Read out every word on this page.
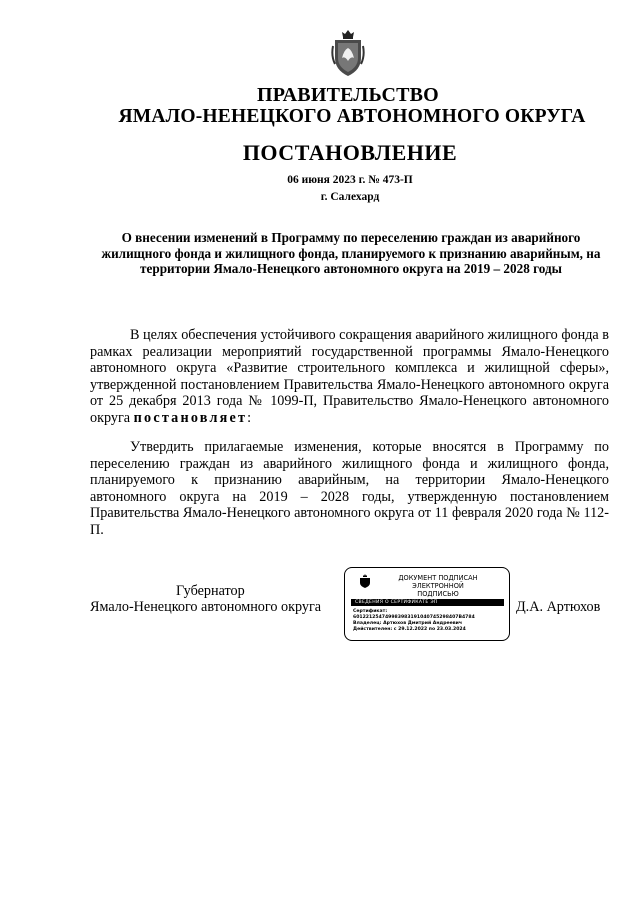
ПРАВИТЕЛЬСТВО
ЯМАЛО-НЕНЕЦКОГО АВТОНОМНОГО ОКРУГА
ПОСТАНОВЛЕНИЕ
06 июня 2023 г. № 473-П
г. Салехард
О внесении изменений в Программу по переселению граждан из аварийного жилищного фонда и жилищного фонда, планируемого к признанию аварийным, на территории Ямало-Ненецкого автономного округа на 2019 – 2028 годы
В целях обеспечения устойчивого сокращения аварийного жилищного фонда в рамках реализации мероприятий государственной программы Ямало-Ненецкого автономного округа «Развитие строительного комплекса и жилищной сферы», утвержденной постановлением Правительства Ямало-Ненецкого автономного округа от 25 декабря 2013 года № 1099-П, Правительство Ямало-Ненецкого автономного округа постановляет:
Утвердить прилагаемые изменения, которые вносятся в Программу по переселению граждан из аварийного жилищного фонда и жилищного фонда, планируемого к признанию аварийным, на территории Ямало-Ненецкого автономного округа на 2019 – 2028 годы, утвержденную постановлением Правительства Ямало-Ненецкого автономного округа от 11 февраля 2020 года № 112-П.
Губернатор
Ямало-Ненецкого автономного округа	Д.А. Артюхов
ДОКУМЕНТ ПОДПИСАН
ЭЛЕКТРОННОЙ ПОДПИСЬЮ
СВЕДЕНИЯ О СЕРТИФИКАТЕ ЭП
Сертификат:
601221254749983983191040745298407B4784
Владелец: Артюхов Дмитрий Андреевич
Действителен: с 29.12.2022 по 23.03.2024
